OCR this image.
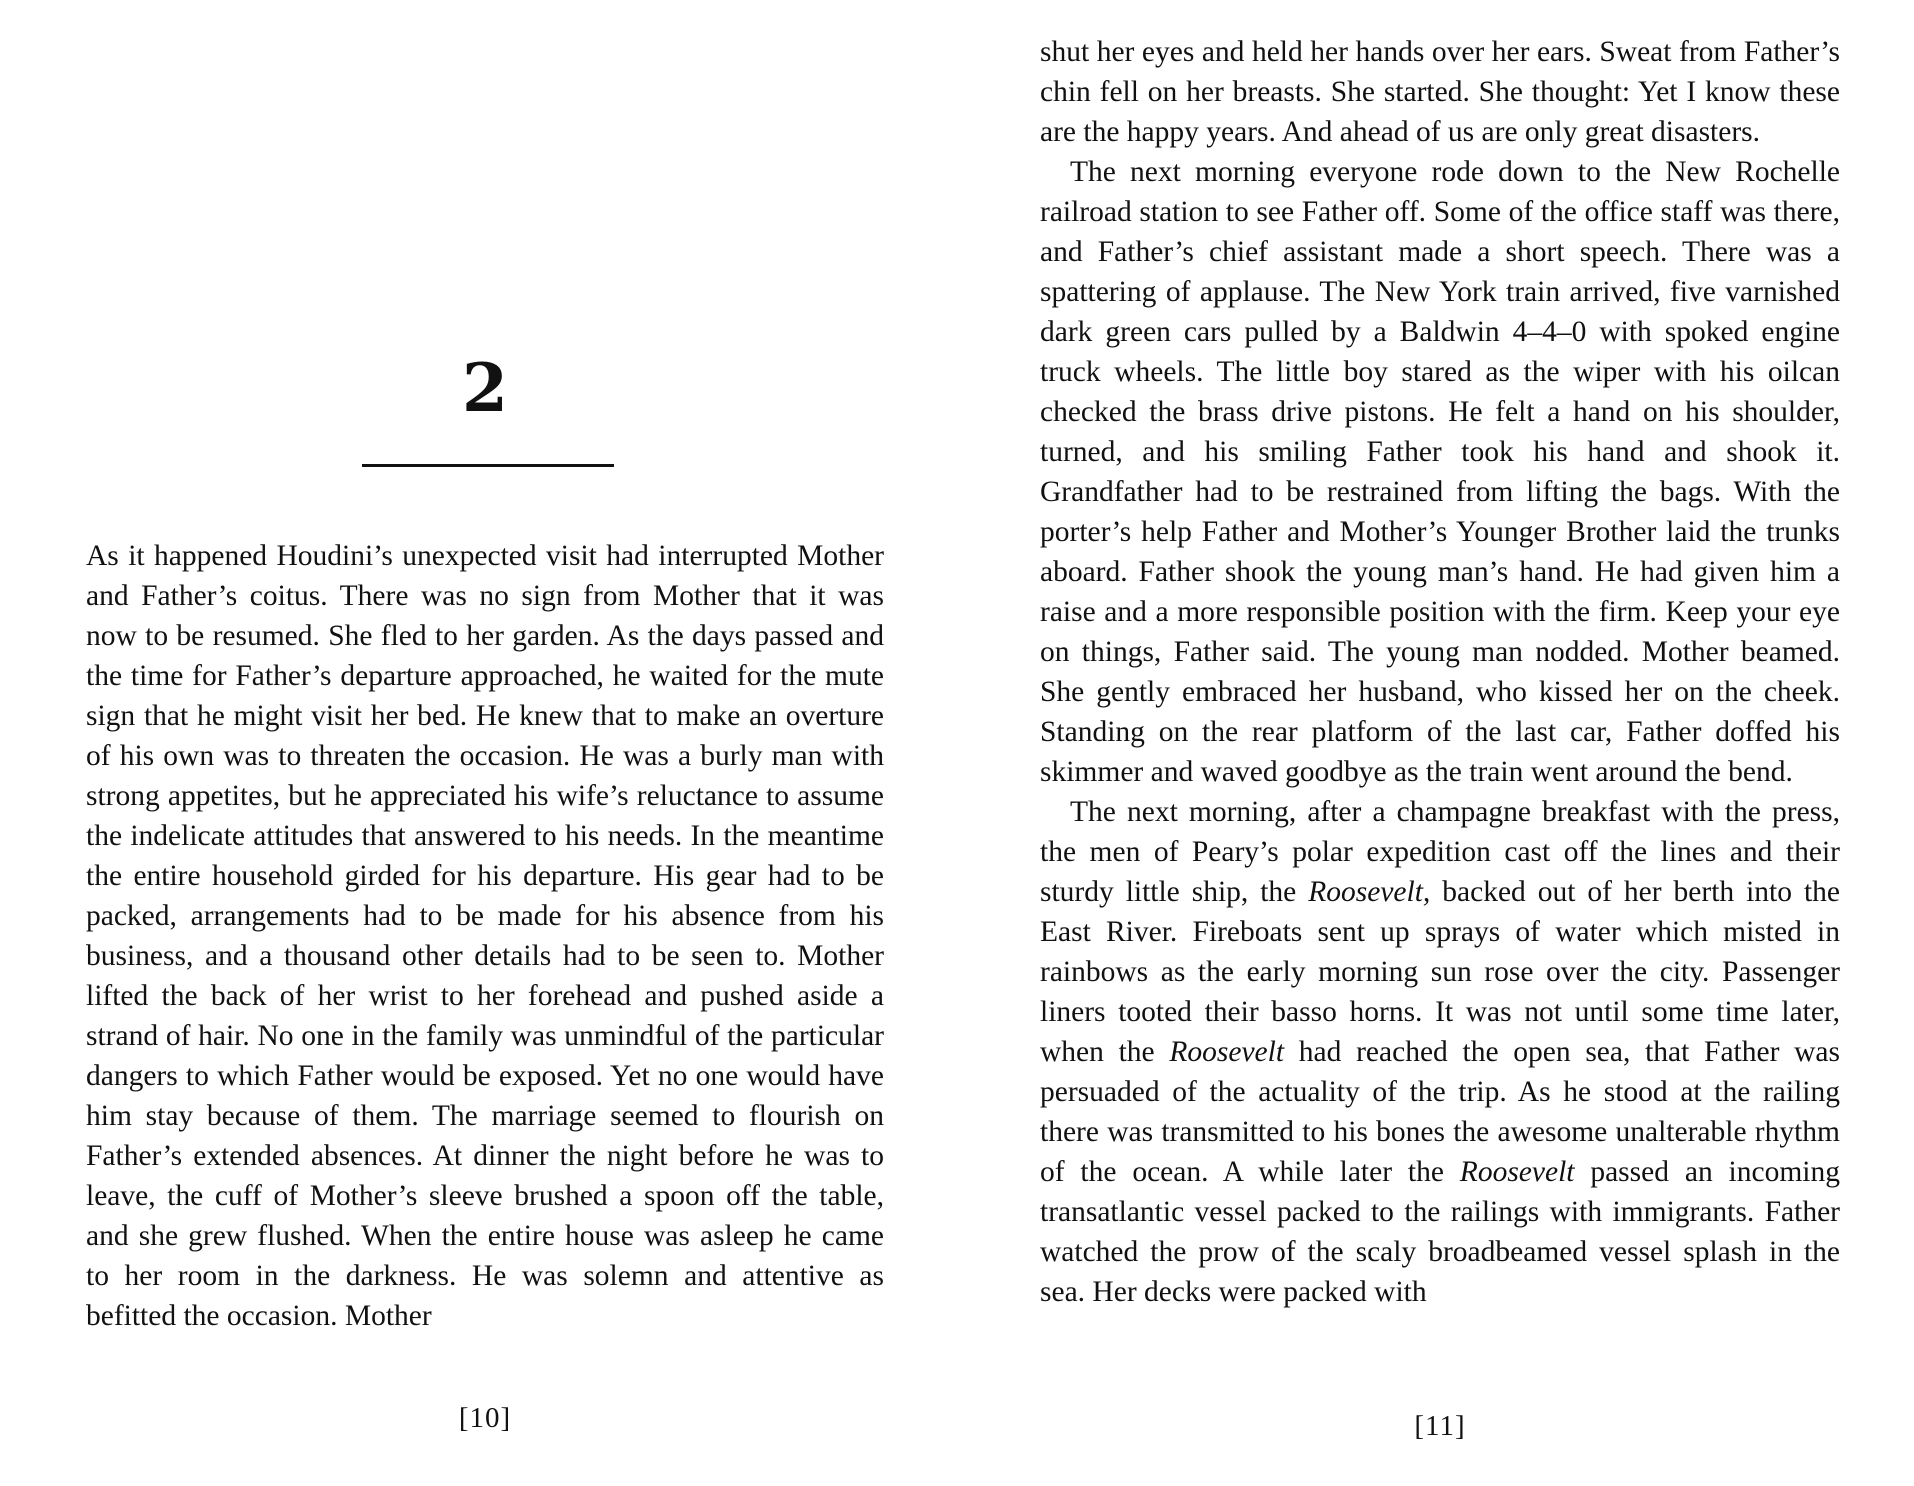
2

As it happened Houdini’s unexpected visit had interrupted Mother and Father’s coitus. There was no sign from Mother that it was now to be resumed. She fled to her garden. As the days passed and the time for Father’s departure approached, he waited for the mute sign that he might visit her bed. He knew that to make an overture of his own was to threaten the occasion. He was a burly man with strong appetites, but he appreciated his wife’s reluctance to assume the indelicate attitudes that answered to his needs. In the meantime the entire household girded for his departure. His gear had to be packed, arrangements had to be made for his absence from his business, and a thousand other details had to be seen to. Mother lifted the back of her wrist to her forehead and pushed aside a strand of hair. No one in the family was unmindful of the particular dangers to which Father would be exposed. Yet no one would have him stay because of them. The marriage seemed to flourish on Father’s extended absences. At dinner the night before he was to leave, the cuff of Mother’s sleeve brushed a spoon off the table, and she grew flushed. When the entire house was asleep he came to her room in the darkness. He was solemn and attentive as befitted the occasion. Mother

[10]

shut her eyes and held her hands over her ears. Sweat from Father’s chin fell on her breasts. She started. She thought: Yet I know these are the happy years. And ahead of us are only great disasters.

The next morning everyone rode down to the New Rochelle railroad station to see Father off. Some of the office staff was there, and Father’s chief assistant made a short speech. There was a spattering of applause. The New York train arrived, five varnished dark green cars pulled by a Baldwin 4–4–0 with spoked engine truck wheels. The little boy stared as the wiper with his oilcan checked the brass drive pistons. He felt a hand on his shoulder, turned, and his smiling Father took his hand and shook it. Grandfather had to be restrained from lifting the bags. With the porter’s help Father and Mother’s Younger Brother laid the trunks aboard. Father shook the young man’s hand. He had given him a raise and a more responsible position with the firm. Keep your eye on things, Father said. The young man nodded. Mother beamed. She gently embraced her husband, who kissed her on the cheek. Standing on the rear platform of the last car, Father doffed his skimmer and waved goodbye as the train went around the bend.

The next morning, after a champagne breakfast with the press, the men of Peary’s polar expedition cast off the lines and their sturdy little ship, the Roosevelt, backed out of her berth into the East River. Fireboats sent up sprays of water which misted in rainbows as the early morning sun rose over the city. Passenger liners tooted their basso horns. It was not until some time later, when the Roosevelt had reached the open sea, that Father was persuaded of the actuality of the trip. As he stood at the railing there was transmitted to his bones the awesome unalterable rhythm of the ocean. A while later the Roosevelt passed an incoming transatlantic vessel packed to the railings with immigrants. Father watched the prow of the scaly broadbeamed vessel splash in the sea. Her decks were packed with

[11]
